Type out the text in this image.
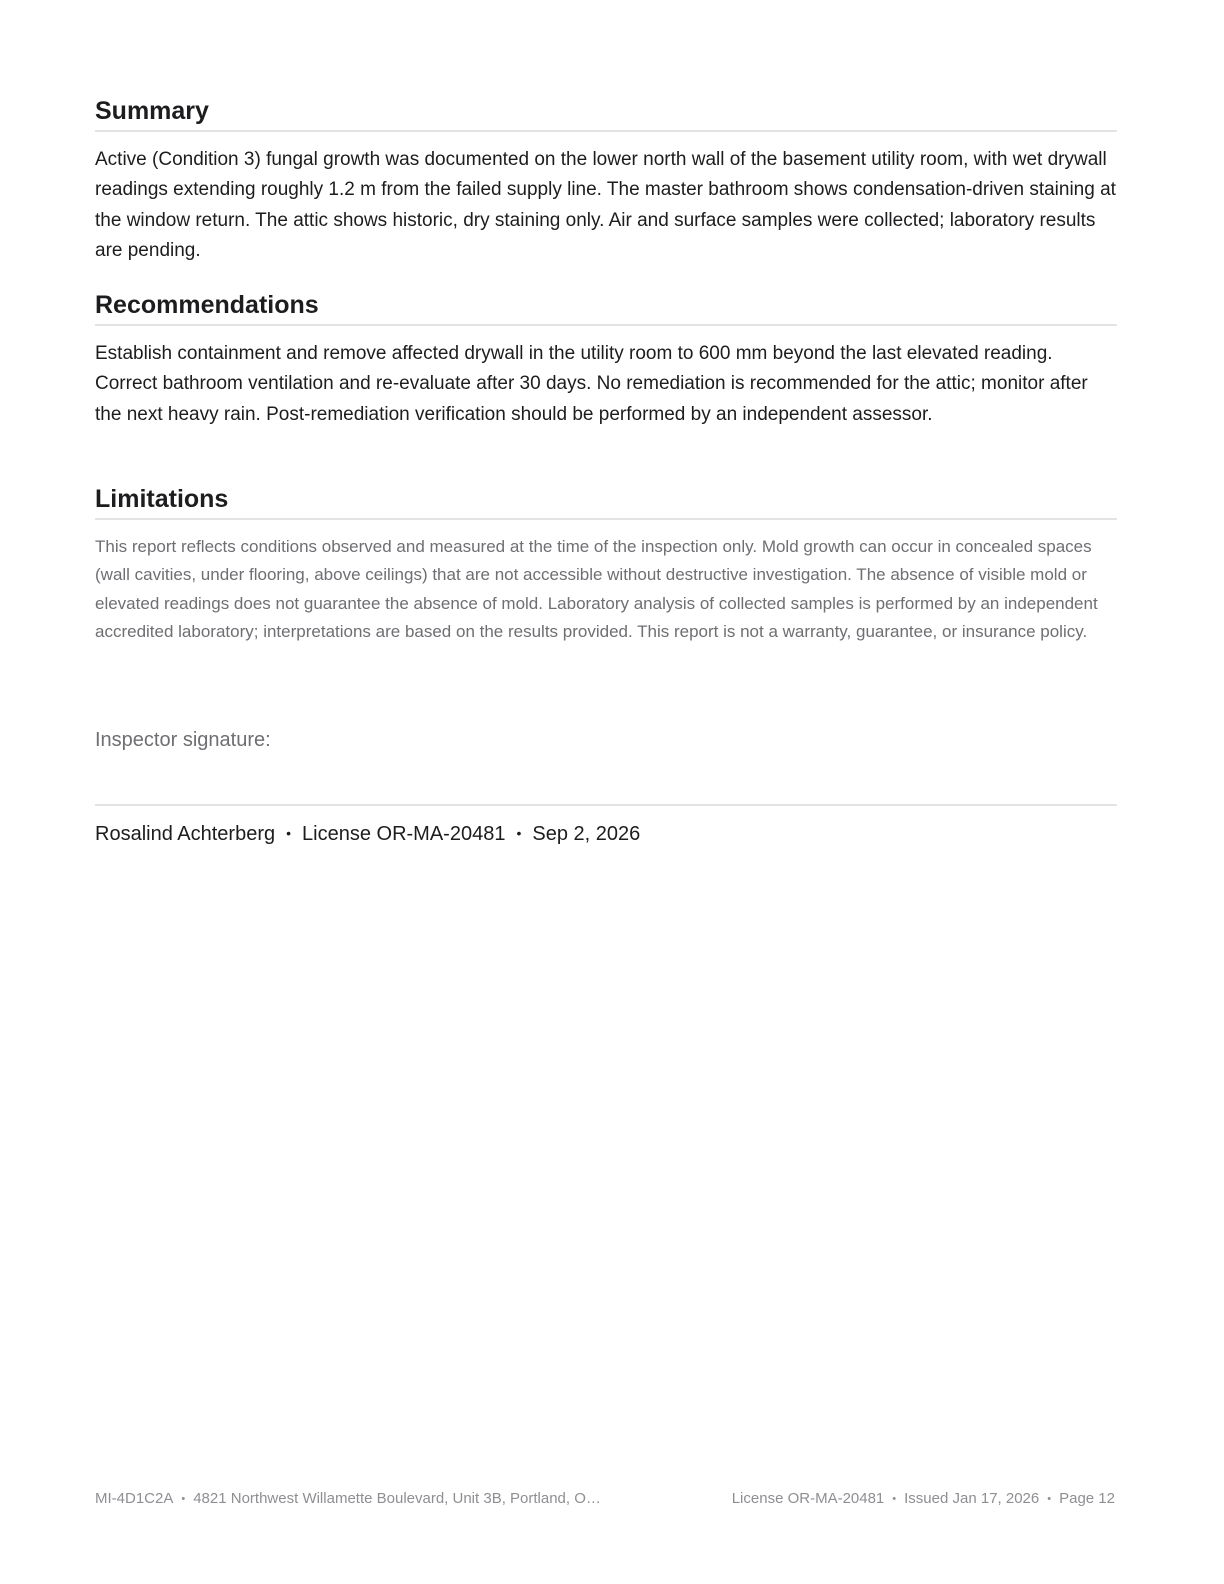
Summary

Active (Condition 3) fungal growth was documented on the lower north wall of the basement utility room, with wet drywall readings extending roughly 1.2 m from the failed supply line. The master bathroom shows condensation-driven staining at the window return. The attic shows historic, dry staining only. Air and surface samples were collected; laboratory results are pending.

Recommendations

Establish containment and remove affected drywall in the utility room to 600 mm beyond the last elevated reading. Correct bathroom ventilation and re-evaluate after 30 days. No remediation is recommended for the attic; monitor after the next heavy rain. Post-remediation verification should be performed by an independent assessor.

Limitations

This report reflects conditions observed and measured at the time of the inspection only. Mold growth can occur in concealed spaces (wall cavities, under flooring, above ceilings) that are not accessible without destructive investigation. The absence of visible mold or elevated readings does not guarantee the absence of mold. Laboratory analysis of collected samples is performed by an independent accredited laboratory; interpretations are based on the results provided. This report is not a warranty, guarantee, or insurance policy.

Inspector signature:
Rosalind Achterberg • License OR-MA-20481 • Sep 2, 2026
MI-4D1C2A • 4821 Northwest Willamette Boulevard, Unit 3B, Portland, O…	License OR-MA-20481 • Issued Jan 17, 2026 • Page 12
